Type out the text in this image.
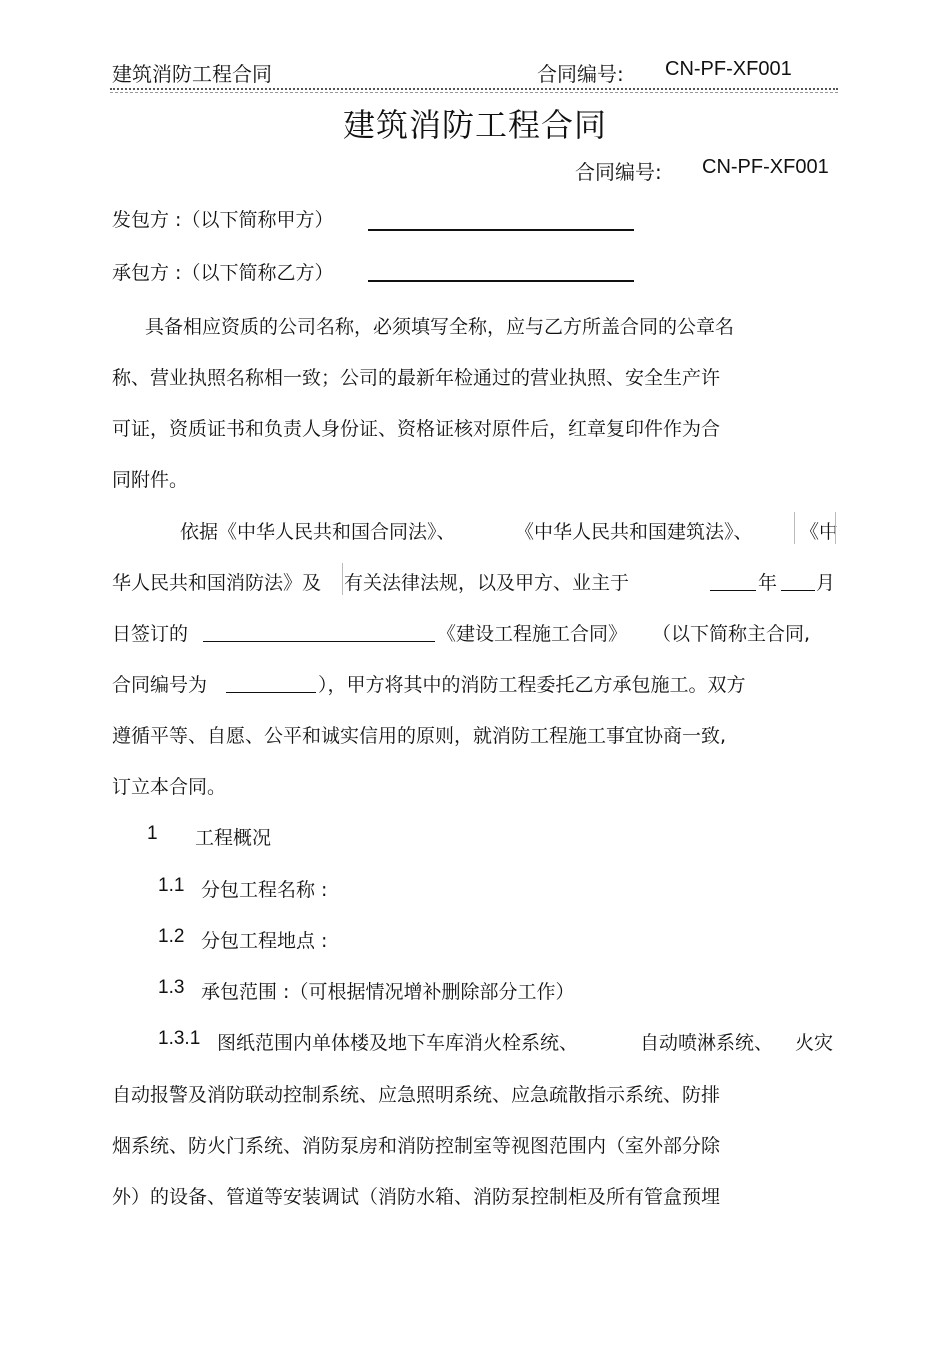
建筑消防工程合同	合同编号: CN-PF-XF001
建筑消防工程合同
合同编号: CN-PF-XF001
发包方 :（以下简称甲方）
承包方 :（以下简称乙方）
具备相应资质的公司名称，必须填写全称，应与乙方所盖合同的公章名
称、营业执照名称相一致；公司的最新年检通过的营业执照、安全生产许
可证，资质证书和负责人身份证、资格证核对原件后，红章复印件作为合
同附件。
依据《中华人民共和国合同法》、	《中华人民共和国建筑法》、 《中
华人民共和国消防法》及 有关法律法规，以及甲方、业主于	年 月
日签订的	《建设工程施工合同》 （以下简称主合同,
合同编号为	），甲方将其中的消防工程委托乙方承包施工。双方
遵循平等、自愿、公平和诚实信用的原则，就消防工程施工事宜协商一致,
订立本合同。
1 工程概况
1.1 分包工程名称 :
1.2 分包工程地点 :
1.3 承包范围 :（可根据情况增补删除部分工作）
1.3.1 图纸范围内单体楼及地下车库消火栓系统、	自动喷淋系统、 火灾
自动报警及消防联动控制系统、应急照明系统、应急疏散指示系统、防排
烟系统、防火门系统、消防泵房和消防控制室等视图范围内（室外部分除
外）的设备、管道等安装调试（消防水箱、消防泵控制柜及所有管盒预埋
